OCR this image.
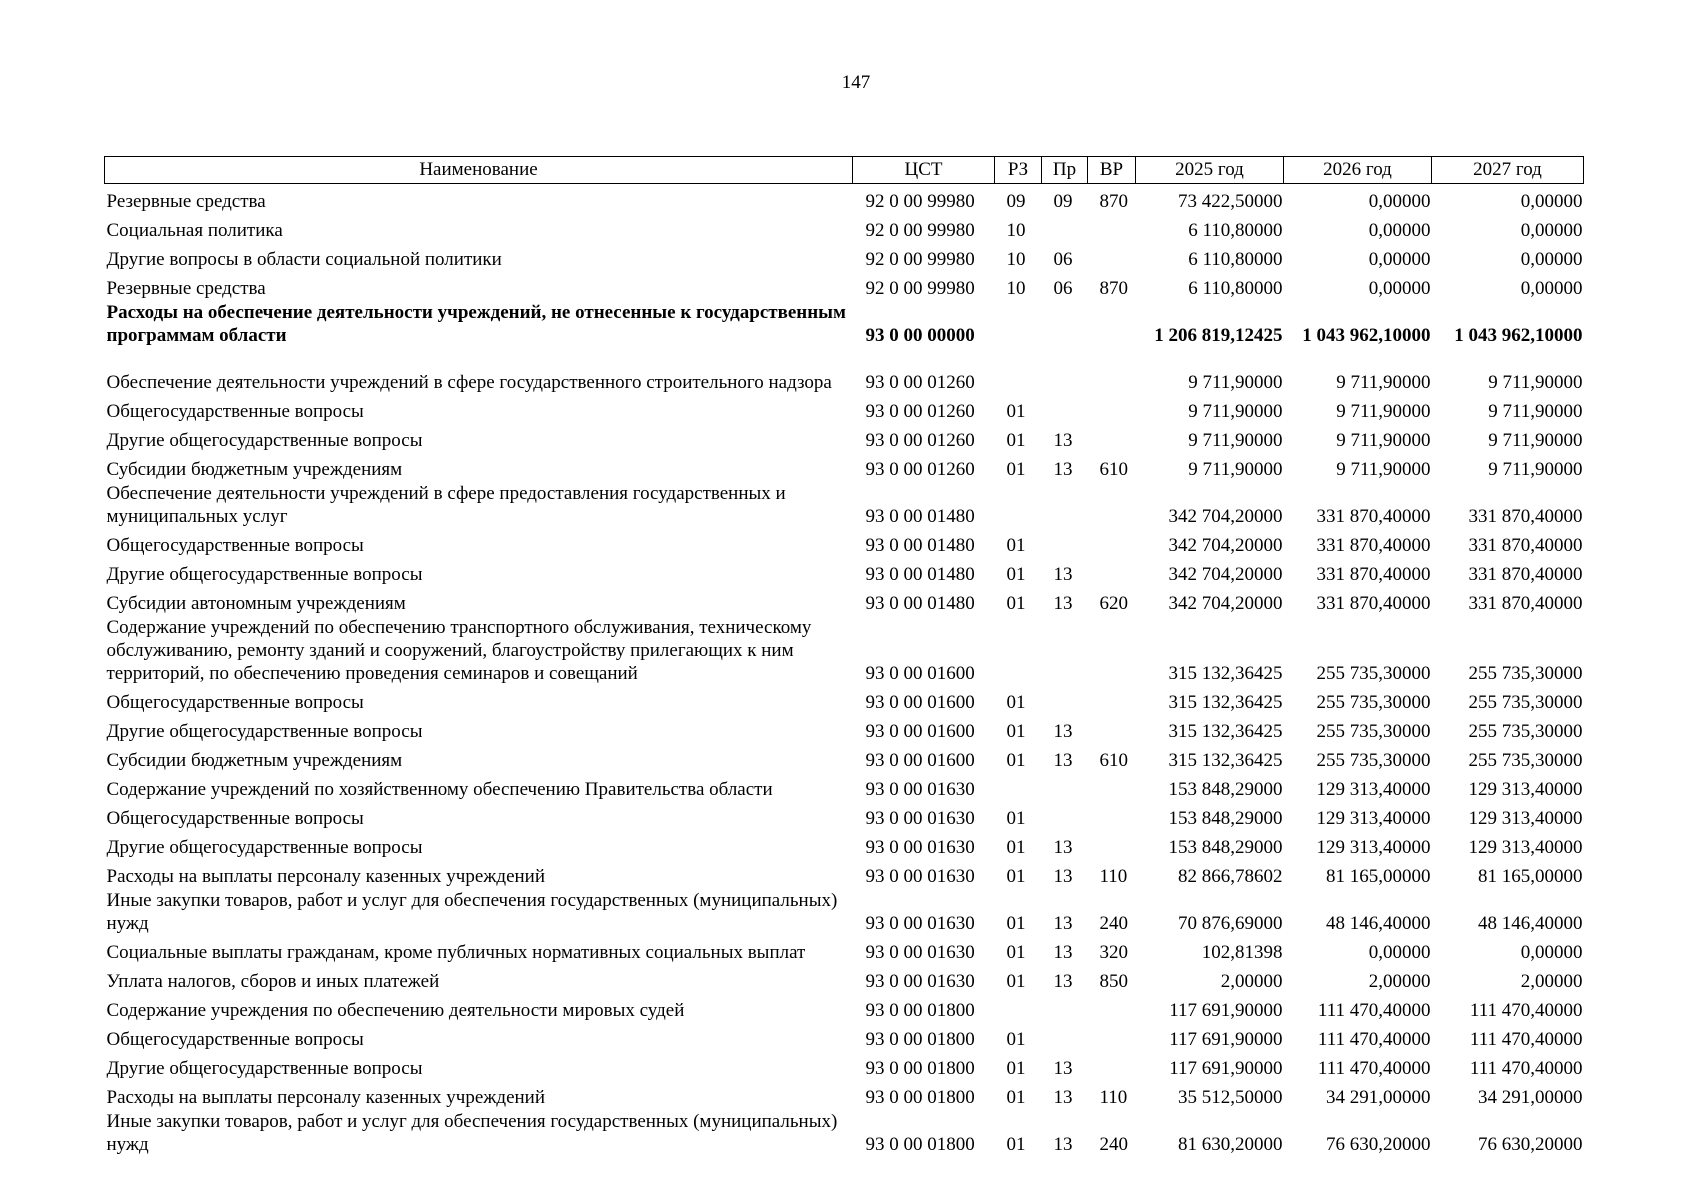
147
Наименование	ЦСТ	РЗ	Пр	ВР	2025 год	2026 год	2027 год
Резервные средства	92 0 00 99980	09	09	870	73 422,50000	0,00000	0,00000
Социальная политика	92 0 00 99980	10			6 110,80000	0,00000	0,00000
Другие вопросы в области социальной политики	92 0 00 99980	10	06		6 110,80000	0,00000	0,00000
Резервные средства	92 0 00 99980	10	06	870	6 110,80000	0,00000	0,00000
Расходы на обеспечение деятельности учреждений, не отнесенные к государственным программам области	93 0 00 00000				1 206 819,12425	1 043 962,10000	1 043 962,10000
Обеспечение деятельности учреждений в сфере государственного строительного надзора	93 0 00 01260				9 711,90000	9 711,90000	9 711,90000
Общегосударственные вопросы	93 0 00 01260	01			9 711,90000	9 711,90000	9 711,90000
Другие общегосударственные вопросы	93 0 00 01260	01	13		9 711,90000	9 711,90000	9 711,90000
Субсидии бюджетным учреждениям	93 0 00 01260	01	13	610	9 711,90000	9 711,90000	9 711,90000
Обеспечение деятельности учреждений в сфере предоставления государственных и муниципальных услуг	93 0 00 01480				342 704,20000	331 870,40000	331 870,40000
Общегосударственные вопросы	93 0 00 01480	01			342 704,20000	331 870,40000	331 870,40000
Другие общегосударственные вопросы	93 0 00 01480	01	13		342 704,20000	331 870,40000	331 870,40000
Субсидии автономным учреждениям	93 0 00 01480	01	13	620	342 704,20000	331 870,40000	331 870,40000
Содержание учреждений по обеспечению транспортного обслуживания, техническому обслуживанию, ремонту зданий и сооружений, благоустройству прилегающих к ним территорий, по обеспечению проведения семинаров и совещаний	93 0 00 01600				315 132,36425	255 735,30000	255 735,30000
Общегосударственные вопросы	93 0 00 01600	01			315 132,36425	255 735,30000	255 735,30000
Другие общегосударственные вопросы	93 0 00 01600	01	13		315 132,36425	255 735,30000	255 735,30000
Субсидии бюджетным учреждениям	93 0 00 01600	01	13	610	315 132,36425	255 735,30000	255 735,30000
Содержание учреждений по хозяйственному обеспечению Правительства области	93 0 00 01630				153 848,29000	129 313,40000	129 313,40000
Общегосударственные вопросы	93 0 00 01630	01			153 848,29000	129 313,40000	129 313,40000
Другие общегосударственные вопросы	93 0 00 01630	01	13		153 848,29000	129 313,40000	129 313,40000
Расходы на выплаты персоналу казенных учреждений	93 0 00 01630	01	13	110	82 866,78602	81 165,00000	81 165,00000
Иные закупки товаров, работ и услуг для обеспечения государственных (муниципальных) нужд	93 0 00 01630	01	13	240	70 876,69000	48 146,40000	48 146,40000
Социальные выплаты гражданам, кроме публичных нормативных социальных выплат	93 0 00 01630	01	13	320	102,81398	0,00000	0,00000
Уплата налогов, сборов и иных платежей	93 0 00 01630	01	13	850	2,00000	2,00000	2,00000
Содержание учреждения по обеспечению деятельности мировых судей	93 0 00 01800				117 691,90000	111 470,40000	111 470,40000
Общегосударственные вопросы	93 0 00 01800	01			117 691,90000	111 470,40000	111 470,40000
Другие общегосударственные вопросы	93 0 00 01800	01	13		117 691,90000	111 470,40000	111 470,40000
Расходы на выплаты персоналу казенных учреждений	93 0 00 01800	01	13	110	35 512,50000	34 291,00000	34 291,00000
Иные закупки товаров, работ и услуг для обеспечения государственных (муниципальных) нужд	93 0 00 01800	01	13	240	81 630,20000	76 630,20000	76 630,20000
